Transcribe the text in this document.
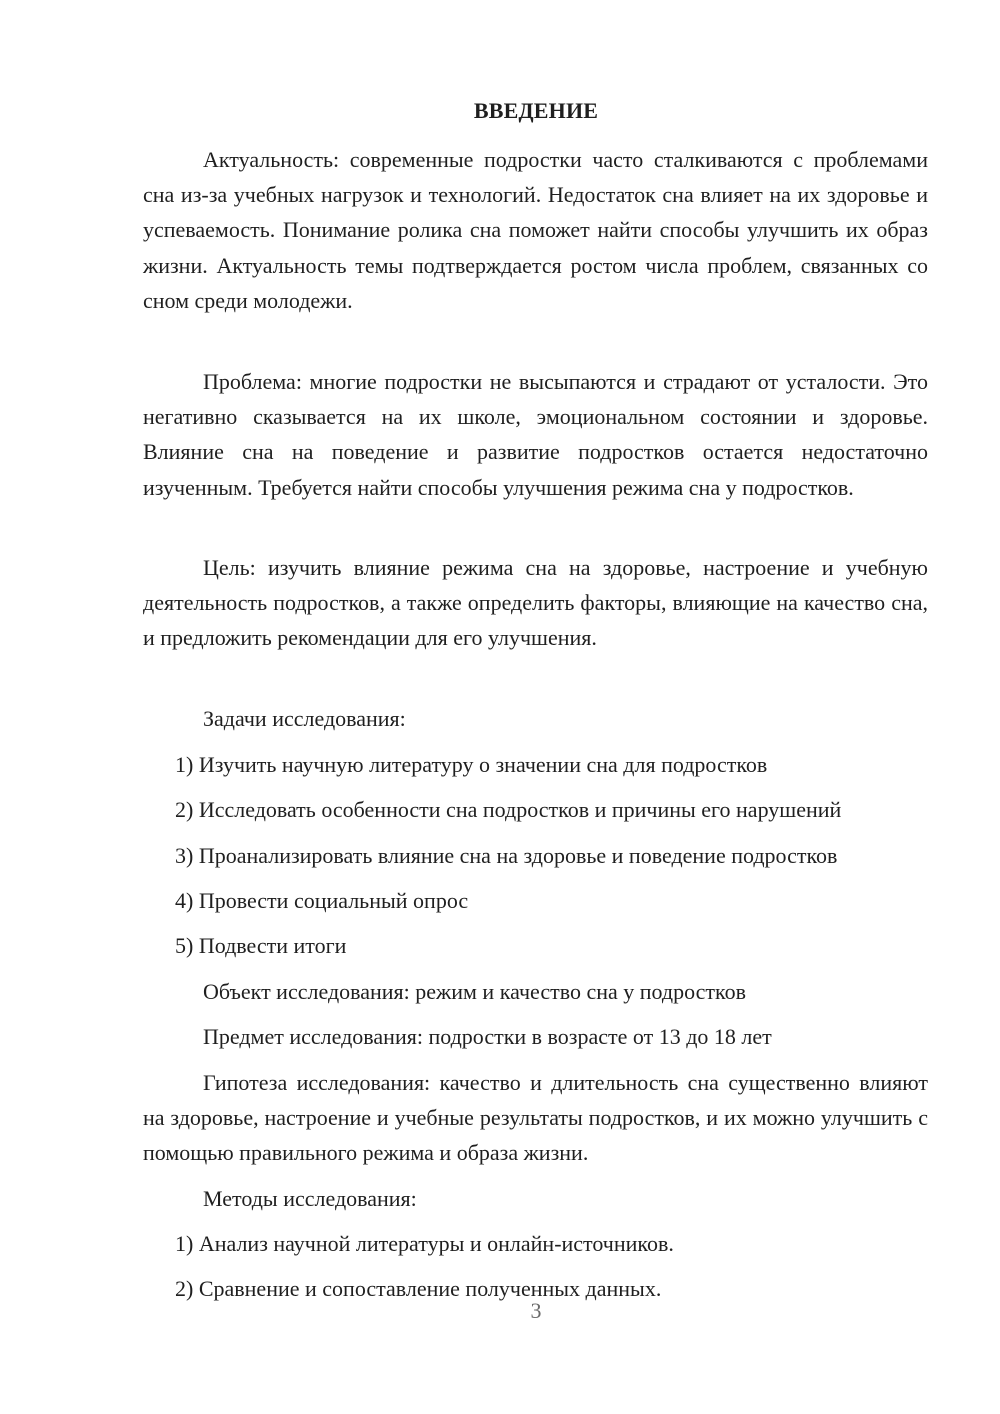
ВВЕДЕНИЕ

Актуальность: современные подростки часто сталкиваются с проблемами сна из-за учебных нагрузок и технологий. Недостаток сна влияет на их здоровье и успеваемость. Понимание ролика сна поможет найти способы улучшить их образ жизни. Актуальность темы подтверждается ростом числа проблем, связанных со сном среди молодежи.

Проблема: многие подростки не высыпаются и страдают от усталости. Это негативно сказывается на их школе, эмоциональном состоянии и здоровье. Влияние сна на поведение и развитие подростков остается недостаточно изученным. Требуется найти способы улучшения режима сна у подростков.

Цель: изучить влияние режима сна на здоровье, настроение и учебную деятельность подростков, а также определить факторы, влияющие на качество сна, и предложить рекомендации для его улучшения.

Задачи исследования:

1) Изучить научную литературу о значении сна для подростков

2) Исследовать особенности сна подростков и причины его нарушений

3) Проанализировать влияние сна на здоровье и поведение подростков

4) Провести социальный опрос

5) Подвести итоги

Объект исследования: режим и качество сна у подростков

Предмет исследования: подростки в возрасте от 13 до 18 лет

Гипотеза исследования: качество и длительность сна существенно влияют на здоровье, настроение и учебные результаты подростков, и их можно улучшить с помощью правильного режима и образа жизни.

Методы исследования:

1) Анализ научной литературы и онлайн-источников.

2) Сравнение и сопоставление полученных данных.

3
